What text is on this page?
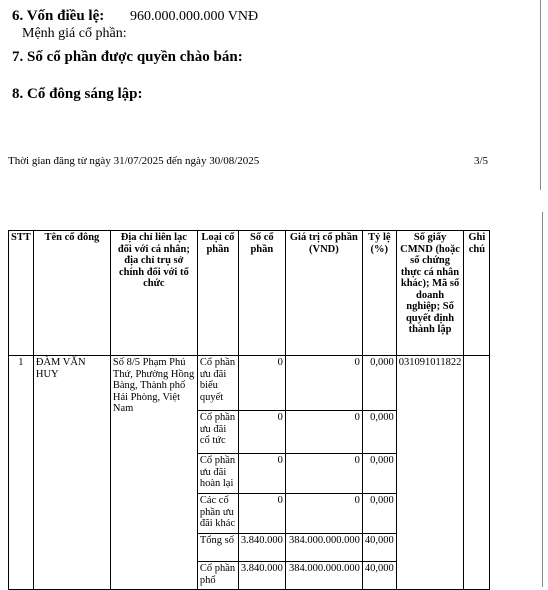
6. Vốn điều lệ: 960.000.000.000 VNĐ
Mệnh giá cổ phần:
7. Số cổ phần được quyền chào bán:
8. Cổ đông sáng lập:
Thời gian đăng từ ngày 31/07/2025 đến ngày 30/08/2025	3/5
STT	Tên cổ đông	Địa chỉ liên lạc đối với cá nhân; địa chỉ trụ sở chính đối với tổ chức	Loại cổ phần	Số cổ phần	Giá trị cổ phần (VND)	Tỷ lệ (%)	Số giấy CMND (hoặc số chứng thực cá nhân khác); Mã số doanh nghiệp; Số quyết định thành lập	Ghi chú
1	ĐÀM VĂN HUY	Số 8/5 Phạm Phú Thứ, Phường Hồng Bàng, Thành phố Hải Phòng, Việt Nam	Cổ phần ưu đãi biểu quyết	0	0	0,000	031091011822	
			Cổ phần ưu đãi cổ tức	0	0	0,000		
			Cổ phần ưu đãi hoàn lại	0	0	0,000		
			Các cổ phần ưu đãi khác	0	0	0,000		
			Tổng số	3.840.000	384.000.000.000	40,000		
			Cổ phần phổ	3.840.000	384.000.000.000	40,000		
